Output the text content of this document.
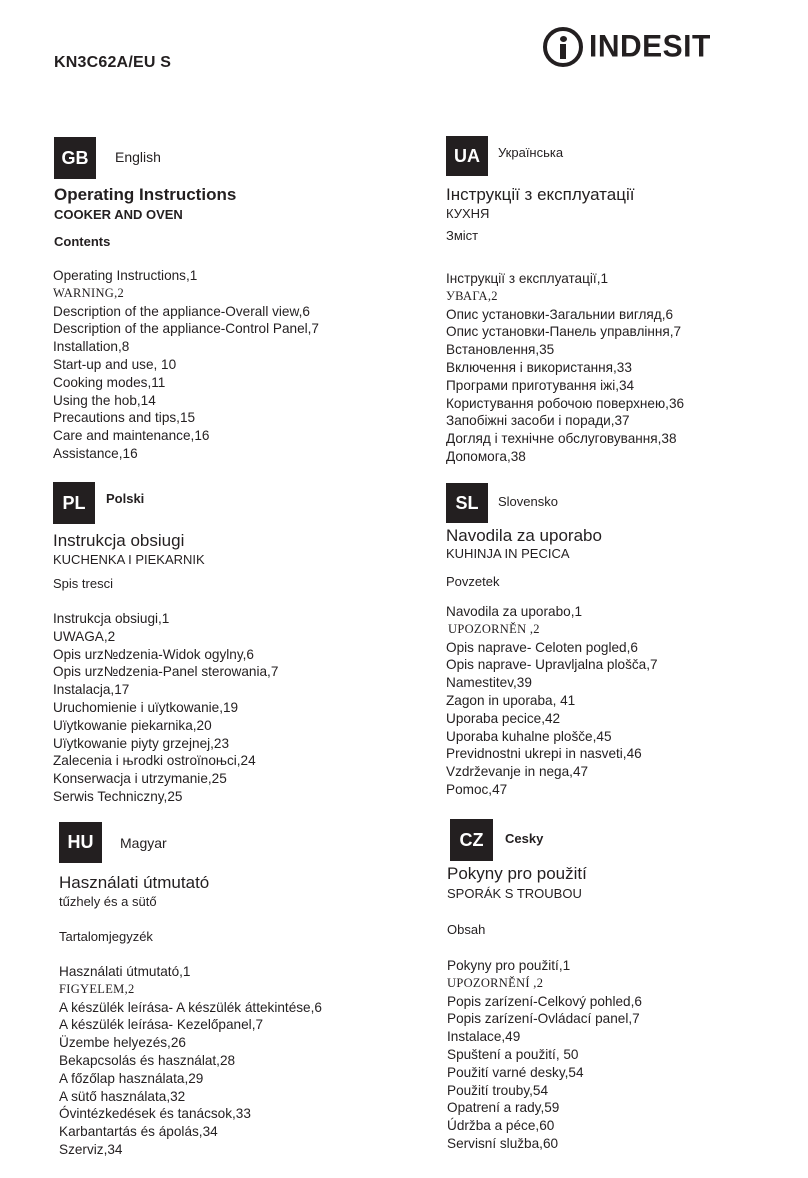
KN3C62A/EU S	INDESIT
GB	English
Operating Instructions
COOKER AND OVEN
Contents
Operating Instructions,1
WARNING,2
Description of the appliance-Overall view,6
Description of the appliance-Control Panel,7
Installation,8
Start-up and use, 10
Cooking modes,11
Using the hob,14
Precautions and tips,15
Care and maintenance,16
Assistance,16
UA	Українська
Інструкції з експлуатації
КУХНЯ
Зміст
Інструкції з експлуатації,1
УВАГА,2
Опис установки-Загальнии вигляд,6
Опис установки-Панель управління,7
Встановлення,35
Включення і використання,33
Програми приготування іжі,34
Користування робочою поверхнею,36
Запобіжні засоби і поради,37
Догляд і технічне обслуговування,38
Допомога,38
PL	Polski
Instrukcja obsiugi
KUCHENKA I PIEKARNIK
Spis tresci
Instrukcja obsiugi,1
UWAGA,2
Opis urz№dzenia-Widok ogylny,6
Opis urz№dzenia-Panel sterowania,7
Instalacja,17
Uruchomienie i uïytkowanie,19
Uïytkowanie piekarnika,20
Uïytkowanie piyty grzejnej,23
Zalecenia i њrodki ostroïnoњci,24
Konserwacja i utrzymanie,25
Serwis Techniczny,25
SL	Slovensko
Navodila za uporabo
KUHINJA IN PECICA
Povzetek
Navodila za uporabo,1
UPOZORNĚN ,2
Opis naprave- Celoten pogled,6
Opis naprave- Upravljalna plošča,7
Namestitev,39
Zagon in uporaba, 41
Uporaba pecice,42
Uporaba kuhalne plošče,45
Previdnostni ukrepi in nasveti,46
Vzdrževanje in nega,47
Pomoc,47
HU	Magyar
Használati útmutató
tűzhely és a sütő
Tartalomjegyzék
Használati útmutató,1
FIGYELEM,2
A készülék leírása- A készülék áttekintése,6
A készülék leírása- Kezelőpanel,7
Üzembe helyezés,26
Bekapcsolás és használat,28
A főzőlap használata,29
A sütő használata,32
Óvintézkedések és tanácsok,33
Karbantartás és ápolás,34
Szerviz,34
CZ	Cesky
Pokyny pro použití
SPORÁK S TROUBOU
Obsah
Pokyny pro použití,1
UPOZORNĚNÍ ,2
Popis zarízení-Celkový pohled,6
Popis zarízení-Ovládací panel,7
Instalace,49
Spuštení a použití, 50
Použití varné desky,54
Použití trouby,54
Opatrení a rady,59
Údržba a péce,60
Servisní služba,60
